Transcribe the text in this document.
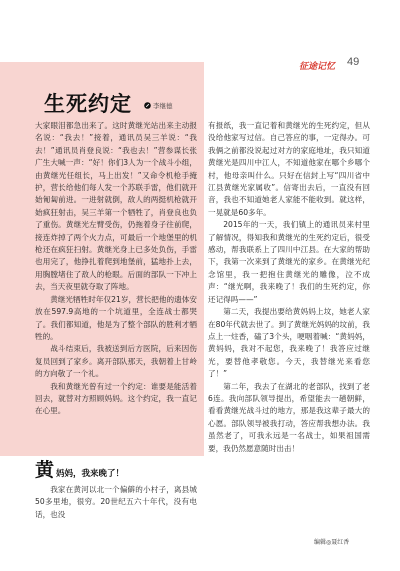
征途记忆 49
生死约定	李继德

大家眼泪都急出来了。这时黄继光站出来主动报名说：“我去！”接着，通讯员吴三羊说：“我去！”通讯员肖登良说：“我也去！”营参谋长张广生大喊一声：“好！你们3人为一个战斗小组，由黄继光任组长，马上出发！”又命令机枪手掩护，营长给他们每人发一个苏联手雷，他们就开始匍匐前进。一进射就倒，敌人的两挺机枪就开始疯狂射击，吴三羊第一个牺牲了，肖登良也负了重伤。黄继光左臂受伤，仍拖着身子往前爬，接连炸掉了两个火力点，可最后一个地堡里的机枪还在疯狂扫射。黄继光身上已多处负伤，手雷也用完了，他挣扎着爬到地堡前，猛地扑上去，用胸膛堵住了敌人的枪眼。后面的部队一下冲上去，当天夜里就夺取了阵地。

黄继光牺牲时年仅21岁，营长把他的遗体安放在597.9高地的一个坑道里，全连战士都哭了。我们都知道，他是为了整个部队的胜利才牺牲的。

战斗结束后，我被送到后方医院，后来因伤复员回到了家乡。离开部队那天，我朝着上甘岭的方向敬了一个礼。

我和黄继光曾有过一个约定：谁要是能活着回去，就替对方照顾妈妈。这个约定，我一直记在心里。

黄 妈妈，我来晚了！

我家在黄河以北一个偏僻的小村子，离县城50多里地，很穷。20世纪五六十年代，没有电话，也没

有报纸，我一直记着和黄继光的生死约定，但从没给他家写过信。自己答应的事，一定得办。可我俩之前都没说起过对方的家庭地址，我只知道黄继光是四川中江人，不知道他家在哪个乡哪个村，他母亲叫什么。只好在信封上写“四川省中江县黄继光家属收”。信寄出去后，一直没有回音，我也不知道她老人家能不能收到。就这样，一晃就是60多年。

2015年的一天，我们镇上的通讯员来村里了解情况，得知我和黄继光的生死约定后，很受感动，帮我联系上了四川中江县。在大家的帮助下，我第一次来到了黄继光的家乡。在黄继光纪念馆里，我一把抱住黄继光的雕像，泣不成声：“继光啊，我来晚了！我们的生死约定，你还记得吗——”

第二天，我提出要给黄妈妈上坟，她老人家在80年代就去世了。到了黄继光妈妈的坟前，我点上一炷香，磕了3个头，哽咽着喊：“黄妈妈，黄妈妈，我对不起您，我来晚了！我答应过继光，要替他孝敬您。今天，我替继光来看您了！”

第二年，我去了在湖北的老部队，找到了老6连。我向部队领导提出，希望能去一趟朝鲜，看看黄继光战斗过的地方，那是我这辈子最大的心愿。部队领导被我打动，答应帮我想办法。我虽然老了，可我永远是一名战士，如果祖国需要，我仍然愿意随时出击！

编辑◎聂红香
